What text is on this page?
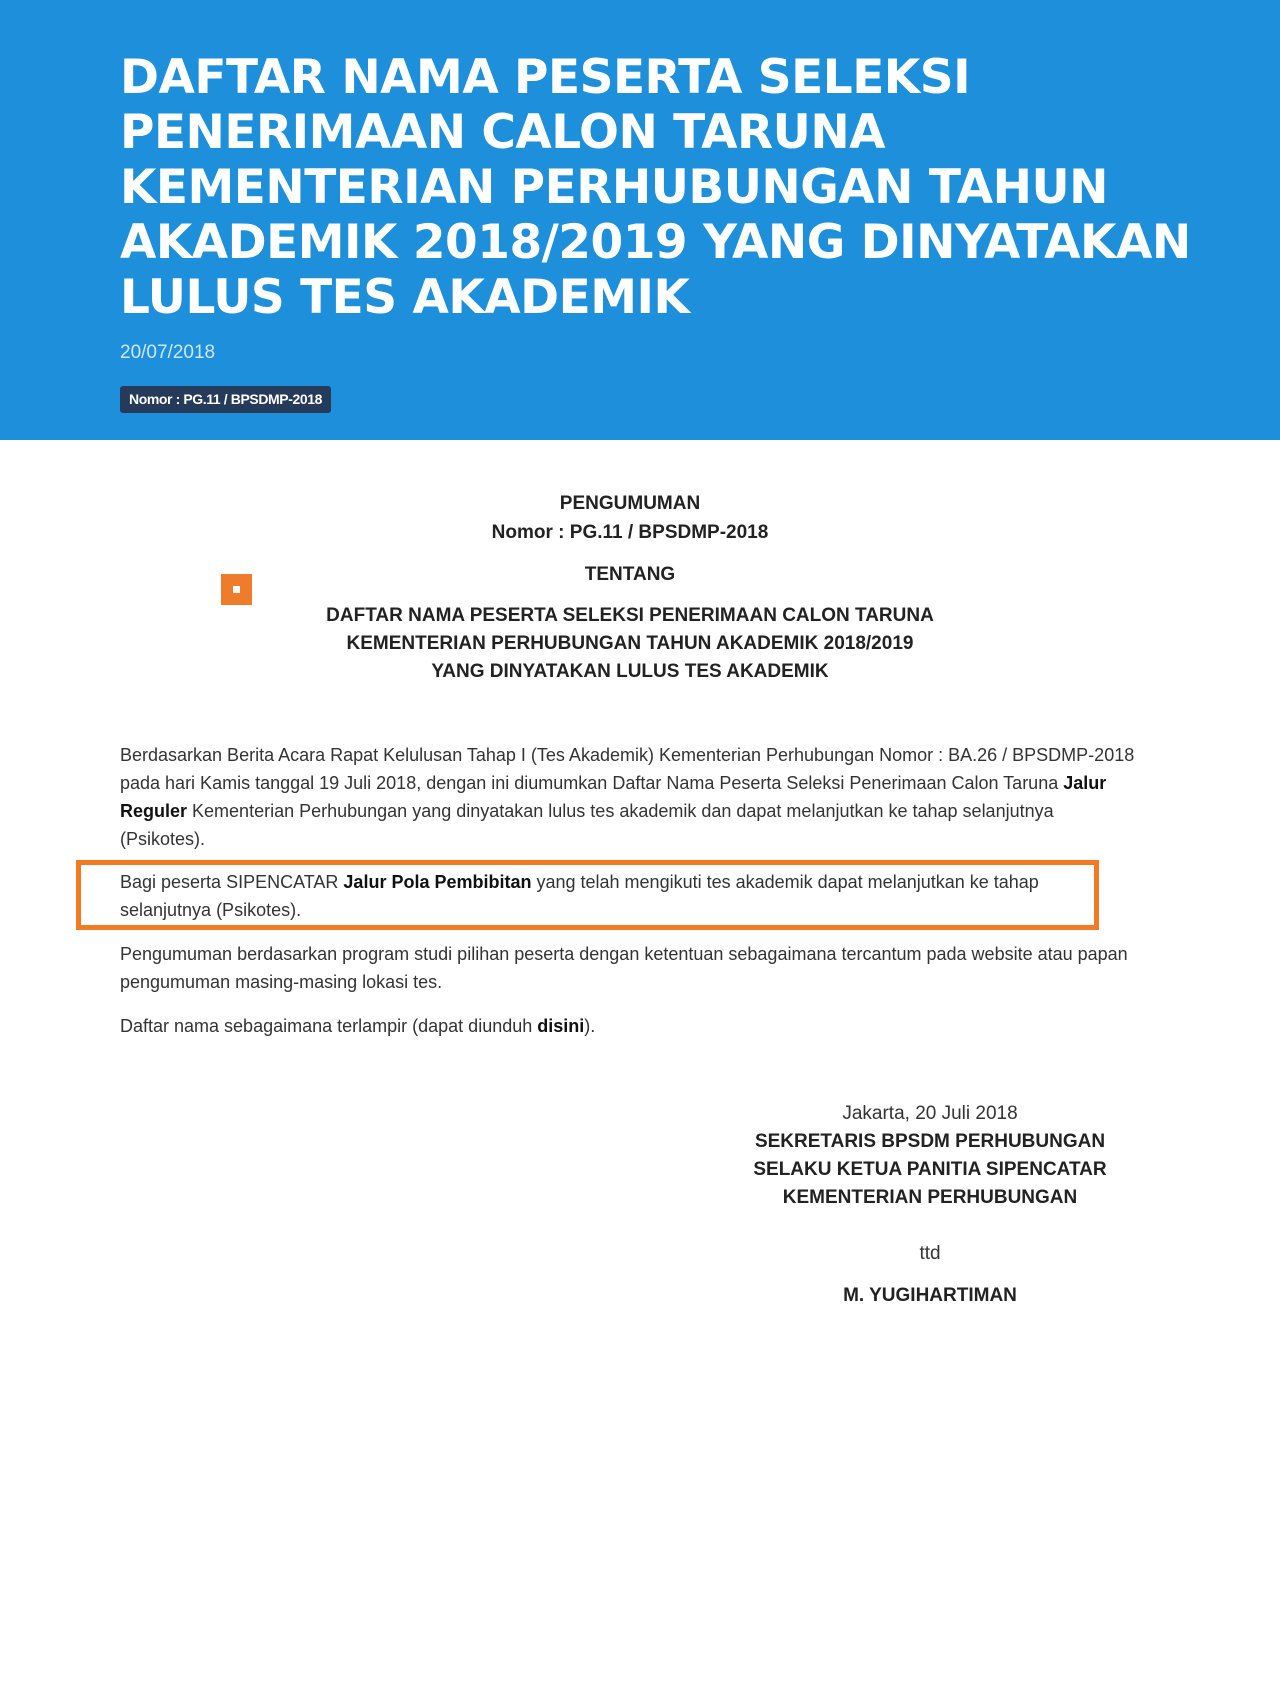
DAFTAR NAMA PESERTA SELEKSI PENERIMAAN CALON TARUNA KEMENTERIAN PERHUBUNGAN TAHUN AKADEMIK 2018/2019 YANG DINYATAKAN LULUS TES AKADEMIK
20/07/2018
Nomor : PG.11 / BPSDMP-2018

PENGUMUMAN

Nomor : PG.11 / BPSDMP-2018

TENTANG

DAFTAR NAMA PESERTA SELEKSI PENERIMAAN CALON TARUNA
KEMENTERIAN PERHUBUNGAN TAHUN AKADEMIK 2018/2019
YANG DINYATAKAN LULUS TES AKADEMIK

Berdasarkan Berita Acara Rapat Kelulusan Tahap I (Tes Akademik) Kementerian Perhubungan Nomor : BA.26 / BPSDMP-2018 pada hari Kamis tanggal 19 Juli 2018, dengan ini diumumkan Daftar Nama Peserta Seleksi Penerimaan Calon Taruna Jalur Reguler Kementerian Perhubungan yang dinyatakan lulus tes akademik dan dapat melanjutkan ke tahap selanjutnya (Psikotes).

Bagi peserta SIPENCATAR Jalur Pola Pembibitan yang telah mengikuti tes akademik dapat melanjutkan ke tahap selanjutnya (Psikotes).

Pengumuman berdasarkan program studi pilihan peserta dengan ketentuan sebagaimana tercantum pada website atau papan pengumuman masing-masing lokasi tes.

Daftar nama sebagaimana terlampir (dapat diunduh disini).

Jakarta, 20 Juli 2018
SEKRETARIS BPSDM PERHUBUNGAN
SELAKU KETUA PANITIA SIPENCATAR
KEMENTERIAN PERHUBUNGAN
ttd
M. YUGIHARTIMAN
